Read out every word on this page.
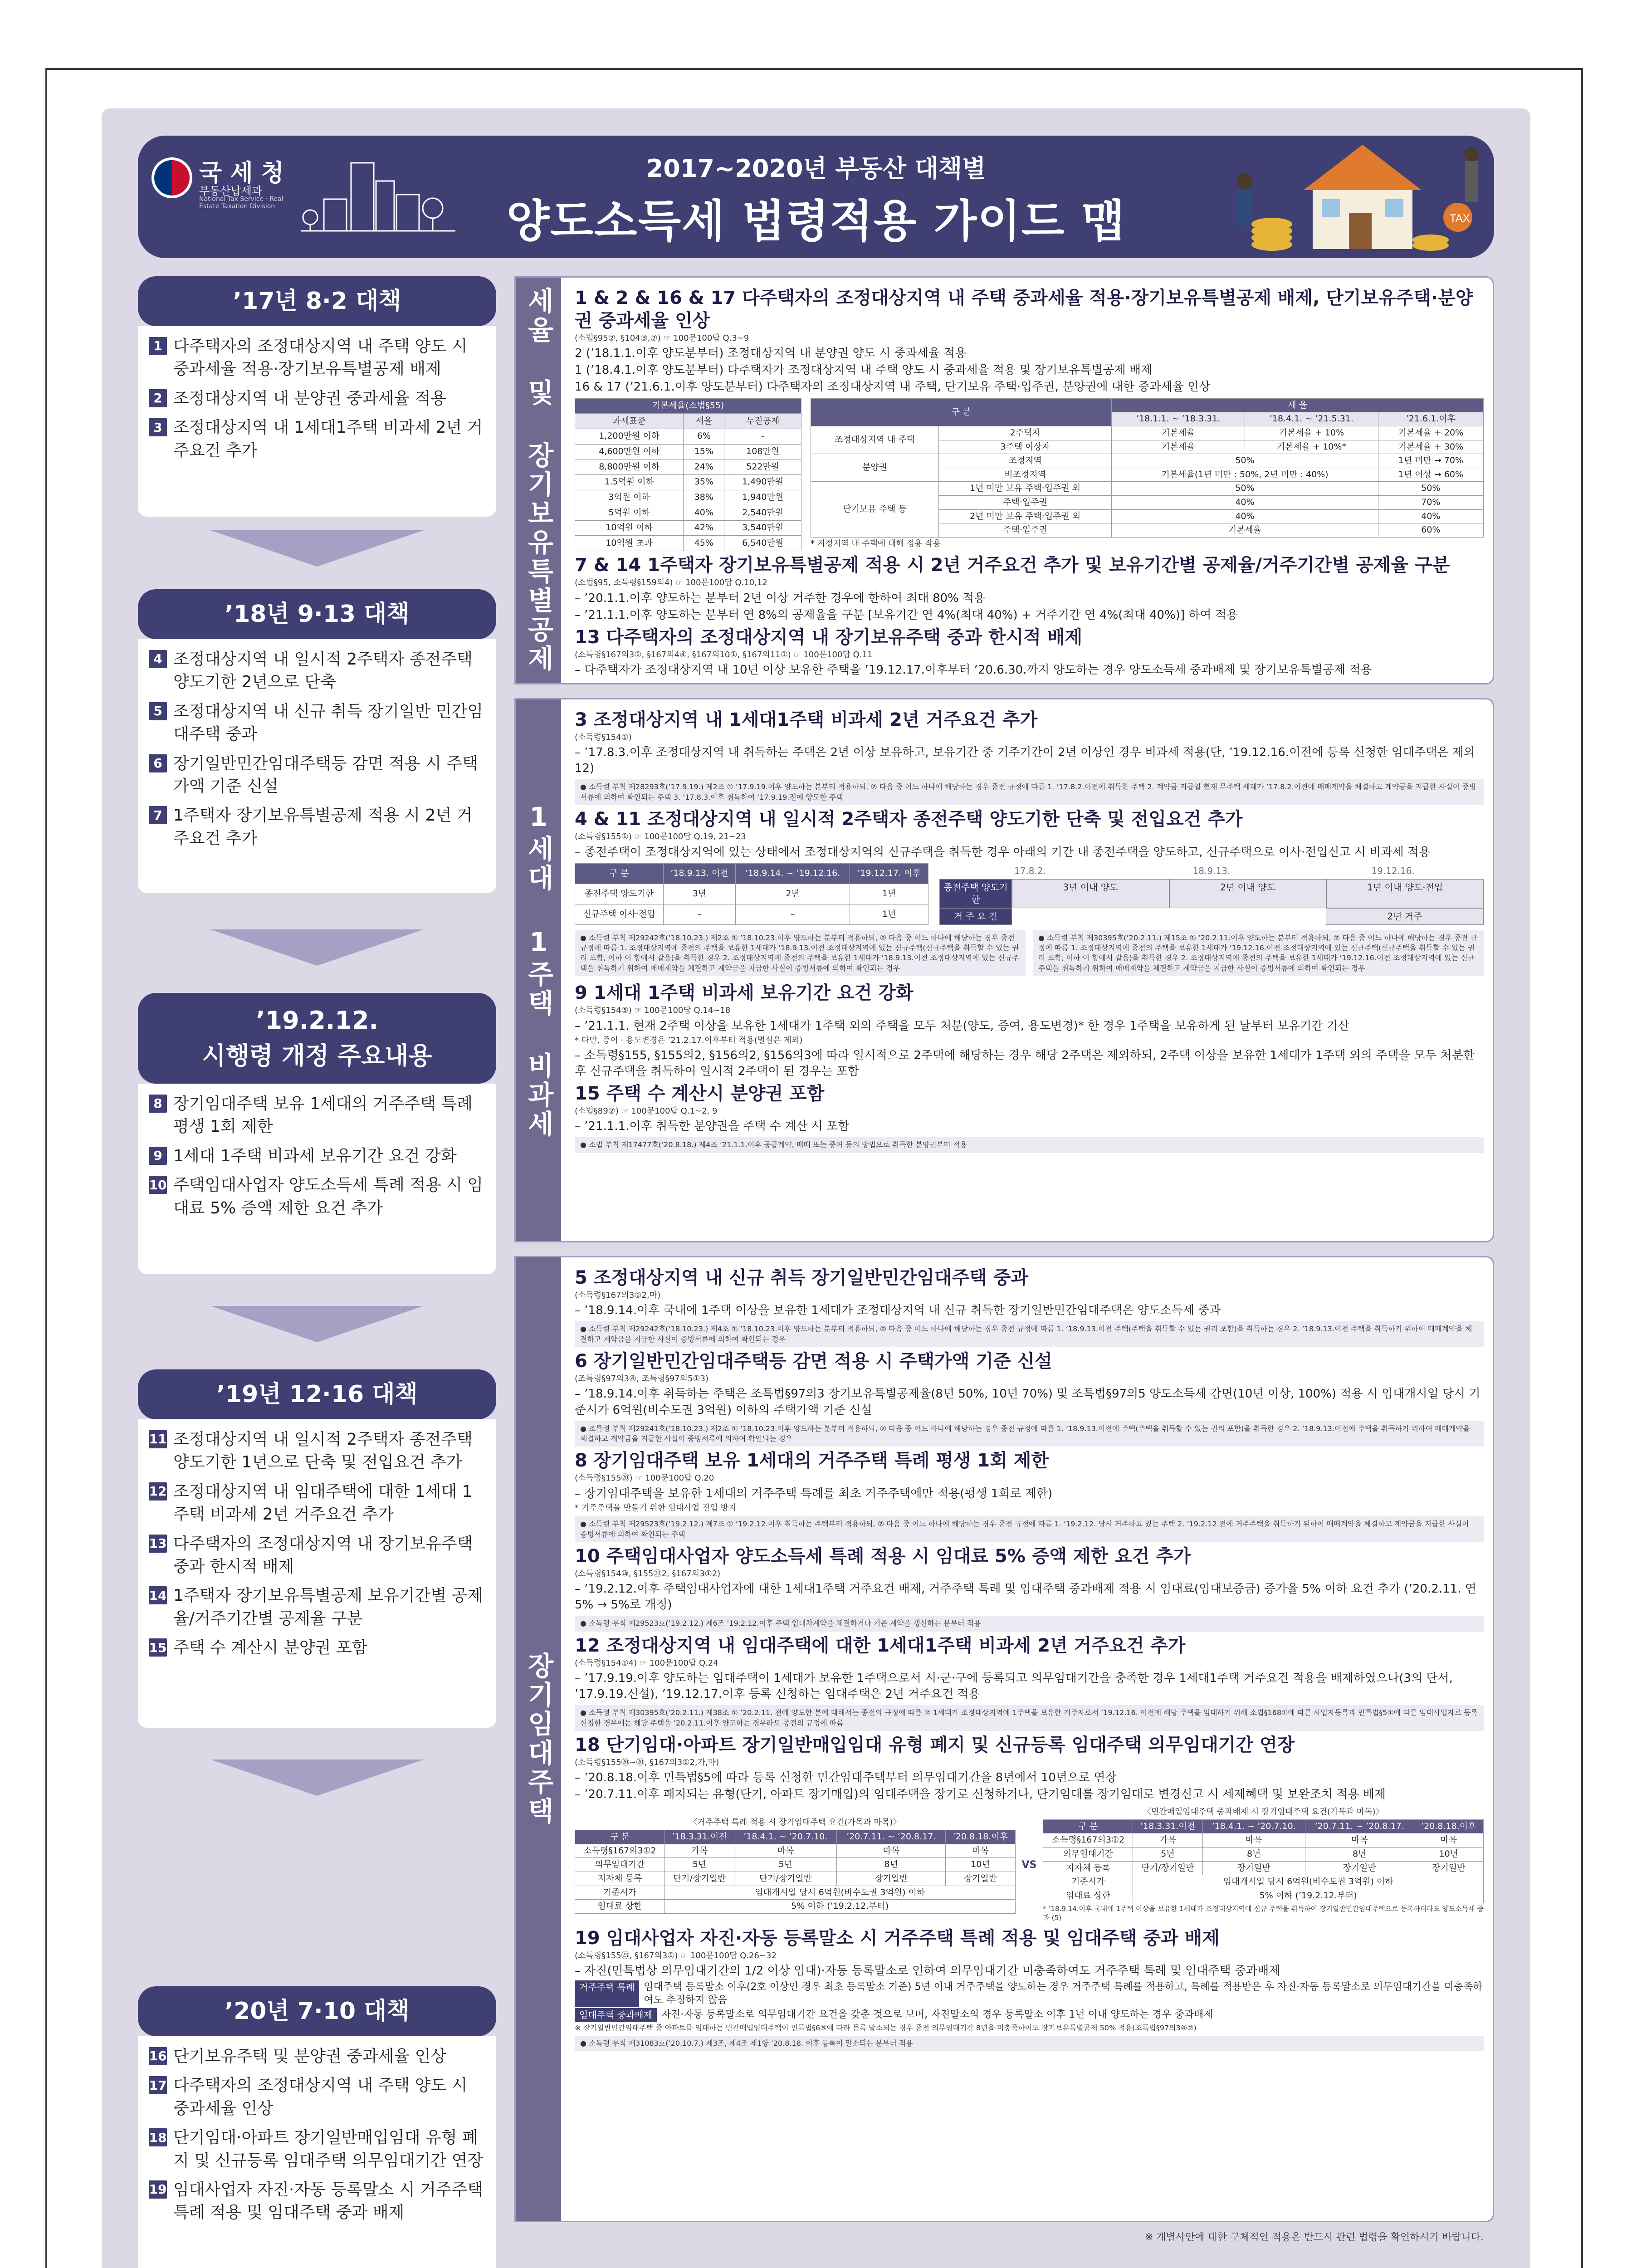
국 세 청
부동산납세과
National Tax Service · Real Estate Taxation Division
2017~2020년 부동산 대책별
양도소득세 법령적용 가이드 맵	TAX
’17년 8·2 대책
1 다주택자의 조정대상지역 내 주택 양도 시 중과세율 적용·장기보유특별공제 배제
2 조정대상지역 내 분양권 중과세율 적용
3 조정대상지역 내 1세대1주택 비과세 2년 거주요건 추가
’18년 9·13 대책
4 조정대상지역 내 일시적 2주택자 종전주택 양도기한 2년으로 단축
5 조정대상지역 내 신규 취득 장기일반 민간임대주택 중과
6 장기일반민간임대주택등 감면 적용 시 주택가액 기준 신설
7 1주택자 장기보유특별공제 적용 시 2년 거주요건 추가
’19.2.12.
시행령 개정 주요내용
8 장기임대주택 보유 1세대의 거주주택 특례 평생 1회 제한
9 1세대 1주택 비과세 보유기간 요건 강화
10 주택임대사업자 양도소득세 특례 적용 시 임대료 5% 증액 제한 요건 추가
’19년 12·16 대책
11 조정대상지역 내 일시적 2주택자 종전주택 양도기한 1년으로 단축 및 전입요건 추가
12 조정대상지역 내 임대주택에 대한 1세대 1주택 비과세 2년 거주요건 추가
13 다주택자의 조정대상지역 내 장기보유주택 중과 한시적 배제
14 1주택자 장기보유특별공제 보유기간별 공제율/거주기간별 공제율 구분
15 주택 수 계산시 분양권 포함
’20년 7·10 대책
16 단기보유주택 및 분양권 중과세율 인상
17 다주택자의 조정대상지역 내 주택 양도 시 중과세율 인상
18 단기임대·아파트 장기일반매입임대 유형 폐지 및 신규등록 임대주택 의무임대기간 연장
19 임대사업자 자진·자동 등록말소 시 거주주택 특례 적용 및 임대주택 중과 배제
세율 및 장기보유특별공제 1 & 2 & 16 & 17 다주택자의 조정대상지역 내 주택 중과세율 적용·장기보유특별공제 배제, 단기보유주택·분양권 중과세율 인상
(소법§95②, §104③,⑦) ☞ 100문100답 Q.3~9
2 (’18.1.1.이후 양도분부터) 조정대상지역 내 분양권 양도 시 중과세율 적용
1 (’18.4.1.이후 양도분부터) 다주택자가 조정대상지역 내 주택 양도 시 중과세율 적용 및 장기보유특별공제 배제
16 & 17 (’21.6.1.이후 양도분부터) 다주택자의 조정대상지역 내 주택, 단기보유 주택·입주권, 분양권에 대한 중과세율 인상
기본세율(소법§55)		
과세표준	세율	누진공제
1,200만원 이하	6%	–
4,600만원 이하	15%	108만원
8,800만원 이하	24%	522만원
1.5억원 이하	35%	1,490만원
3억원 이하	38%	1,940만원
5억원 이하	40%	2,540만원
10억원 이하	42%	3,540만원
10억원 초과	45%	6,540만원
구 분		세 율		
		’18.1.1. ~ ’18.3.31.	’18.4.1. ~ ’21.5.31.	’21.6.1.이후
조정대상지역 내 주택	2주택자	기본세율	기본세율 + 10%	기본세율 + 20%
	3주택 이상자	기본세율	기본세율 + 10%*	기본세율 + 30%
분양권	조정지역	50%		1년 미만 → 70%
	비조정지역	기본세율(1년 미만 : 50%, 2년 미만 : 40%)		1년 이상 → 60%
단기보유 주택 등	1년 미만 보유 주택·입주권 외	50%		50%
	주택·입주권	40%		70%
	2년 미만 보유 주택·입주권 외	40%		40%
	주택·입주권	기본세율		60%
* 지정지역 내 주택에 대해 정용 작용
7 & 14 1주택자 장기보유특별공제 적용 시 2년 거주요건 추가 및 보유기간별 공제율/거주기간별 공제율 구분
(소법§95, 소득령§159의4) ☞ 100문100답 Q.10,12
– ’20.1.1.이후 양도하는 분부터 2년 이상 거주한 경우에 한하여 최대 80% 적용
– ’21.1.1.이후 양도하는 분부터 연 8%의 공제율을 구분 [보유기간 연 4%(최대 40%) + 거주기간 연 4%(최대 40%)] 하여 적용
13 다주택자의 조정대상지역 내 장기보유주택 중과 한시적 배제
(소득령§167의3①, §167의4④, §167의10①, §167의11①) ☞ 100문100답 Q.11
– 다주택자가 조정대상지역 내 10년 이상 보유한 주택을 ’19.12.17.이후부터 ’20.6.30.까지 양도하는 경우 양도소득세 중과배제 및 장기보유특별공제 적용
1세대 1주택 비과세
3 조정대상지역 내 1세대1주택 비과세 2년 거주요건 추가
(소득령§154①)
– ’17.8.3.이후 조정대상지역 내 취득하는 주택은 2년 이상 보유하고, 보유기간 중 거주기간이 2년 이상인 경우 비과세 적용(단, ’19.12.16.이전에 등록 신청한 임대주택은 제외 12)
● 소득령 부칙 제28293호(’17.9.19.) 제2조 ① ’17.9.19.이후 양도하는 분부터 적용하되, ② 다음 중 어느 하나에 해당하는 경우 종전 규정에 따름 1. ’17.8.2.이전에 취득한 주택 2. 계약금 지급일 현재 무주택 세대가 ’17.8.2.이전에 매매계약을 체결하고 계약금을 지급한 사실이 증빙서류에 의하여 확인되는 주택 3. ’17.8.3.이후 취득하여 ’17.9.19.전에 양도한 주택
4 & 11 조정대상지역 내 일시적 2주택자 종전주택 양도기한 단축 및 전입요건 추가
(소득령§155①) ☞ 100문100답 Q.19, 21~23
– 종전주택이 조정대상지역에 있는 상태에서 조정대상지역의 신규주택을 취득한 경우 아래의 기간 내 종전주택을 양도하고, 신규주택으로 이사·전입신고 시 비과세 적용
구 분	’18.9.13. 이전	’18.9.14. ~ ’19.12.16.	’19.12.17. 이후
종전주택 양도기한	3년	2년	1년
신규주택 이사·전입	–	–	1년
17.8.2.	18.9.13.	19.12.16.
종전주택 양도기한
3년 이내 양도	2년 이내 양도	1년 이내 양도·전입
거 주 요 건	2년 거주
● 소득령 부칙 제29242호(’18.10.23.) 제2조 ① ’18.10.23.이후 양도하는 분부터 적용하되, ② 다음 중 어느 하나에 해당하는 경우 종전 규정에 따름 1. 조정대상지역에 종전의 주택을 보유한 1세대가 ’18.9.13.이전 조정대상지역에 있는 신규주택(신규주택을 취득할 수 있는 권리 포함, 이하 이 항에서 같음)을 취득한 경우 2. 조정대상지역에 종전의 주택을 보유한 1세대가 ’18.9.13.이전 조정대상지역에 있는 신규주택을 취득하기 위하여 매매계약을 체결하고 계약금을 지급한 사실이 증빙서류에 의하여 확인되는 경우
● 소득령 부칙 제30395호(’20.2.11.) 제15조 ① ’20.2.11.이후 양도하는 분부터 적용하되, ② 다음 중 어느 하나에 해당하는 경우 종전 규정에 따름 1. 조정대상지역에 종전의 주택을 보유한 1세대가 ’19.12.16.이전 조정대상지역에 있는 신규주택(신규주택을 취득할 수 있는 권리 포함, 이하 이 항에서 같음)을 취득한 경우 2. 조정대상지역에 종전의 주택을 보유한 1세대가 ’19.12.16.이전 조정대상지역에 있는 신규주택을 취득하기 위하여 매매계약을 체결하고 계약금을 지급한 사실이 증빙서류에 의하여 확인되는 경우
9 1세대 1주택 비과세 보유기간 요건 강화
(소득령§154⑤) ☞ 100문100답 Q.14~18
– ’21.1.1. 현재 2주택 이상을 보유한 1세대가 1주택 외의 주택을 모두 처분(양도, 증여, 용도변경)* 한 경우 1주택을 보유하게 된 날부터 보유기간 기산
* 다만, 증여 · 용도변경은 ’21.2.17.이후부터 적용(멸실은 제외)
– 소득령§155, §155의2, §156의2, §156의3에 따라 일시적으로 2주택에 해당하는 경우 해당 2주택은 제외하되, 2주택 이상을 보유한 1세대가 1주택 외의 주택을 모두 처분한 후 신규주택을 취득하여 일시적 2주택이 된 경우는 포함
15 주택 수 계산시 분양권 포함
(소법§89②) ☞ 100문100답 Q.1~2, 9
– ’21.1.1.이후 취득한 분양권을 주택 수 계산 시 포함
● 소법 부칙 제17477호(’20.8.18.) 제4조 ’21.1.1.이후 공급계약, 매매 또는 증여 등의 방법으로 취득한 분양권부터 적용
장기임대주택
5 조정대상지역 내 신규 취득 장기일반민간임대주택 중과
(소득령§167의3①2,마)
– ’18.9.14.이후 국내에 1주택 이상을 보유한 1세대가 조정대상지역 내 신규 취득한 장기일반민간임대주택은 양도소득세 중과
● 소득령 부칙 제29242호(’18.10.23.) 제4조 ① ’18.10.23.이후 양도하는 분부터 적용하되, ② 다음 중 어느 하나에 해당하는 경우 종전 규정에 따름 1. ’18.9.13.이전 주택(주택을 취득할 수 있는 권리 포함)을 취득하는 경우 2. ’18.9.13.이전 주택을 취득하기 위하여 매매계약을 체결하고 계약금을 지급한 사실이 증빙서류에 의하여 확인되는 경우
6 장기일반민간임대주택등 감면 적용 시 주택가액 기준 신설
(조특령§97의3④, 조특령§97의5①3)
– ’18.9.14.이후 취득하는 주택은 조특법§97의3 장기보유특별공제율(8년 50%, 10년 70%) 및 조특법§97의5 양도소득세 감면(10년 이상, 100%) 적용 시 임대개시일 당시 기준시가 6억원(비수도권 3억원) 이하의 주택가액 기준 신설
● 조특령 부칙 제29241호(’18.10.23.) 제2조 ① ’18.10.23.이후 양도하는 분부터 적용하되, ② 다음 중 어느 하나에 해당하는 경우 종전 규정에 따름 1. ’18.9.13.이전에 주택(주택을 취득할 수 있는 권리 포함)을 취득한 경우 2. ’18.9.13.이전에 주택을 취득하기 위하여 매매계약을 체결하고 계약금을 지급한 사실이 증빙서류에 의하여 확인되는 경우
8 장기임대주택 보유 1세대의 거주주택 특례 평생 1회 제한
(소득령§155⑳) ☞ 100문100답 Q.20
– 장기임대주택을 보유한 1세대의 거주주택 특례를 최초 거주주택에만 적용(평생 1회로 제한)
* 거주주택을 만들기 위한 임대사업 진입 방지
● 소득령 부칙 제29523호(’19.2.12.) 제7조 ① ’19.2.12.이후 취득하는 주택부터 적용하되, ② 다음 중 어느 하나에 해당하는 경우 종전 규정에 따름 1. ’19.2.12. 당시 거주하고 있는 주택 2. ’19.2.12.전에 거주주택을 취득하기 위하여 매매계약을 체결하고 계약금을 지급한 사실이 증빙서류에 의하여 확인되는 주택
10 주택임대사업자 양도소득세 특례 적용 시 임대료 5% 증액 제한 요건 추가
(소득령§154⑩, §155⑳2, §167의3①2)
– ’19.2.12.이후 주택임대사업자에 대한 1세대1주택 거주요건 배제, 거주주택 특례 및 임대주택 중과배제 적용 시 임대료(임대보증금) 증가율 5% 이하 요건 추가 (’20.2.11. 연 5% → 5%로 개정)
● 소득령 부칙 제29523호(’19.2.12.) 제6조 ’19.2.12.이후 주택 임대차계약을 체결하거나 기존 계약을 갱신하는 분부터 적용
12 조정대상지역 내 임대주택에 대한 1세대1주택 비과세 2년 거주요건 추가
(소득령§154①4) ☞ 100문100답 Q.24
– ’17.9.19.이후 양도하는 임대주택이 1세대가 보유한 1주택으로서 시·군·구에 등록되고 의무임대기간을 충족한 경우 1세대1주택 거주요건 적용을 배제하였으나(3의 단서, ’17.9.19.신설), ’19.12.17.이후 등록 신청하는 임대주택은 2년 거주요건 적용
● 소득령 부칙 제30395호(’20.2.11.) 제38조 ① ’20.2.11. 전에 양도한 분에 대해서는 종전의 규정에 따름 ② 1세대가 조정대상지역에 1주택을 보유한 거주자로서 ’19.12.16. 이전에 해당 주택을 임대하기 위해 소법§168①에 따른 사업자등록과 민특법§5①에 따른 임대사업자로 등록 신청한 경우에는 해당 주택을 ’20.2.11.이후 양도하는 경우라도 종전의 규정에 따름
18 단기임대·아파트 장기일반매입임대 유형 폐지 및 신규등록 임대주택 의무임대기간 연장
(소득령§155⑳~⑳, §167의3①2,가,마)
– ’20.8.18.이후 민특법§5에 따라 등록 신청한 민간임대주택부터 의무임대기간을 8년에서 10년으로 연장
– ’20.7.11.이후 폐지되는 유형(단기, 아파트 장기매입)의 임대주택을 장기로 신청하거나, 단기임대를 장기임대로 변경신고 시 세제혜택 및 보완조치 적용 배제
〈거주주택 특례 적용 시 장기임대주택 요건(가목과 마목)〉
구 분	’18.3.31.이전	’18.4.1. ~ ’20.7.10.	’20.7.11. ~ ’20.8.17.	’20.8.18.이후
소득령§167의3①2	가목	마목	마목	마목
의무임대기간	5년	5년	8년	10년
지자체 등록	단기/장기일반	단기/장기일반	장기일반	장기일반
기준시가	임대개시일 당시 6억원(비수도권 3억원) 이하			
임대료 상한	5% 이하 (’19.2.12.부터)			
VS
〈민간매입임대주택 중과배제 시 장기임대주택 요건(가목과 마목)〉
구 분	’18.3.31.이전	’18.4.1. ~ ’20.7.10.	’20.7.11. ~ ’20.8.17.	’20.8.18.이후
소득령§167의3①2	가목	마목	마목	마목
의무임대기간	5년	8년	8년	10년
지자체 등록	단기/장기일반	장기일반	장기일반	장기일반
기준시가	임대개시일 당시 6억원(비수도권 3억원) 이하			
임대료 상한	5% 이하 (’19.2.12.부터)			
* ’18.9.14.이후 국내에 1주택 이상을 보유한 1세대가 조정대상지역에 신규 주택을 취득하여 장기일반민간임대주택으로 등록하더라도 양도소득세 중과 (5)
19 임대사업자 자진·자동 등록말소 시 거주주택 특례 적용 및 임대주택 중과 배제
(소득령§155㉓, §167의3①) ☞ 100문100답 Q.26~32
– 자진(민특법상 의무임대기간의 1/2 이상 임대)·자동 등록말소로 인하여 의무임대기간 미충족하여도 거주주택 특례 및 임대주택 중과배제
거주주택 특례 임대주택 등록말소 이후(2호 이상인 경우 최초 등록말소 기준) 5년 이내 거주주택을 양도하는 경우 거주주택 특례를 적용하고, 특례를 적용받은 후 자진·자동 등록말소로 의무임대기간을 미충족하여도 추징하지 않음
임대주택 중과배제 자진·자동 등록말소로 의무임대기간 요건을 갖춘 것으로 보며, 자진말소의 경우 등록말소 이후 1년 이내 양도하는 경우 중과배제
※ 장기일반민간임대주택 중 아파트를 임대하는 민간매입임대주택이 민특법§6⑤에 따라 등록 말소되는 경우 종전 의무임대기간 8년을 미충족하여도 장기보유특별공제 50% 적용(조특법§97의3④②)
● 소득령 부칙 제31083호(’20.10.7.) 제3조, 제4조 제1항 ’20.8.18. 이후 등록이 말소되는 분부터 적용
※ 개별사안에 대한 구체적인 적용은 반드시 관련 법령을 확인하시기 바랍니다.
